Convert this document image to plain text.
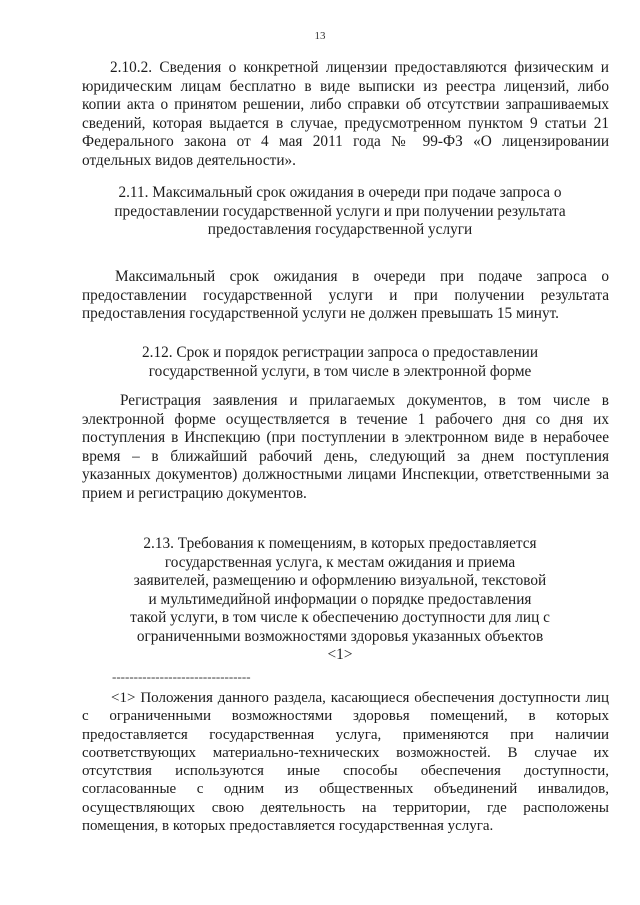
13

2.10.2. Сведения о конкретной лицензии предоставляются физическим и юридическим лицам бесплатно в виде выписки из реестра лицензий, либо копии акта о принятом решении, либо справки об отсутствии запрашиваемых сведений, которая выдается в случае, предусмотренном пунктом 9 статьи 21 Федерального закона от 4 мая 2011 года № 99-ФЗ «О лицензировании отдельных видов деятельности».

2.11. Максимальный срок ожидания в очереди при подаче запроса о предоставлении государственной услуги и при получении результата предоставления государственной услуги

Максимальный срок ожидания в очереди при подаче запроса о предоставлении государственной услуги и при получении результата предоставления государственной услуги не должен превышать 15 минут.

2.12. Срок и порядок регистрации запроса о предоставлении государственной услуги, в том числе в электронной форме

Регистрация заявления и прилагаемых документов, в том числе в электронной форме осуществляется в течение 1 рабочего дня со дня их поступления в Инспекцию (при поступлении в электронном виде в нерабочее время – в ближайший рабочий день, следующий за днем поступления указанных документов) должностными лицами Инспекции, ответственными за прием и регистрацию документов.

2.13. Требования к помещениям, в которых предоставляется государственная услуга, к местам ожидания и приема заявителей, размещению и оформлению визуальной, текстовой и мультимедийной информации о порядке предоставления такой услуги, в том числе к обеспечению доступности для лиц с ограниченными возможностями здоровья указанных объектов <1>

--------------------------------

<1> Положения данного раздела, касающиеся обеспечения доступности лиц с ограниченными возможностями здоровья помещений, в которых предоставляется государственная услуга, применяются при наличии соответствующих материально-технических возможностей. В случае их отсутствия используются иные способы обеспечения доступности, согласованные с одним из общественных объединений инвалидов, осуществляющих свою деятельность на территории, где расположены помещения, в которых предоставляется государственная услуга.
